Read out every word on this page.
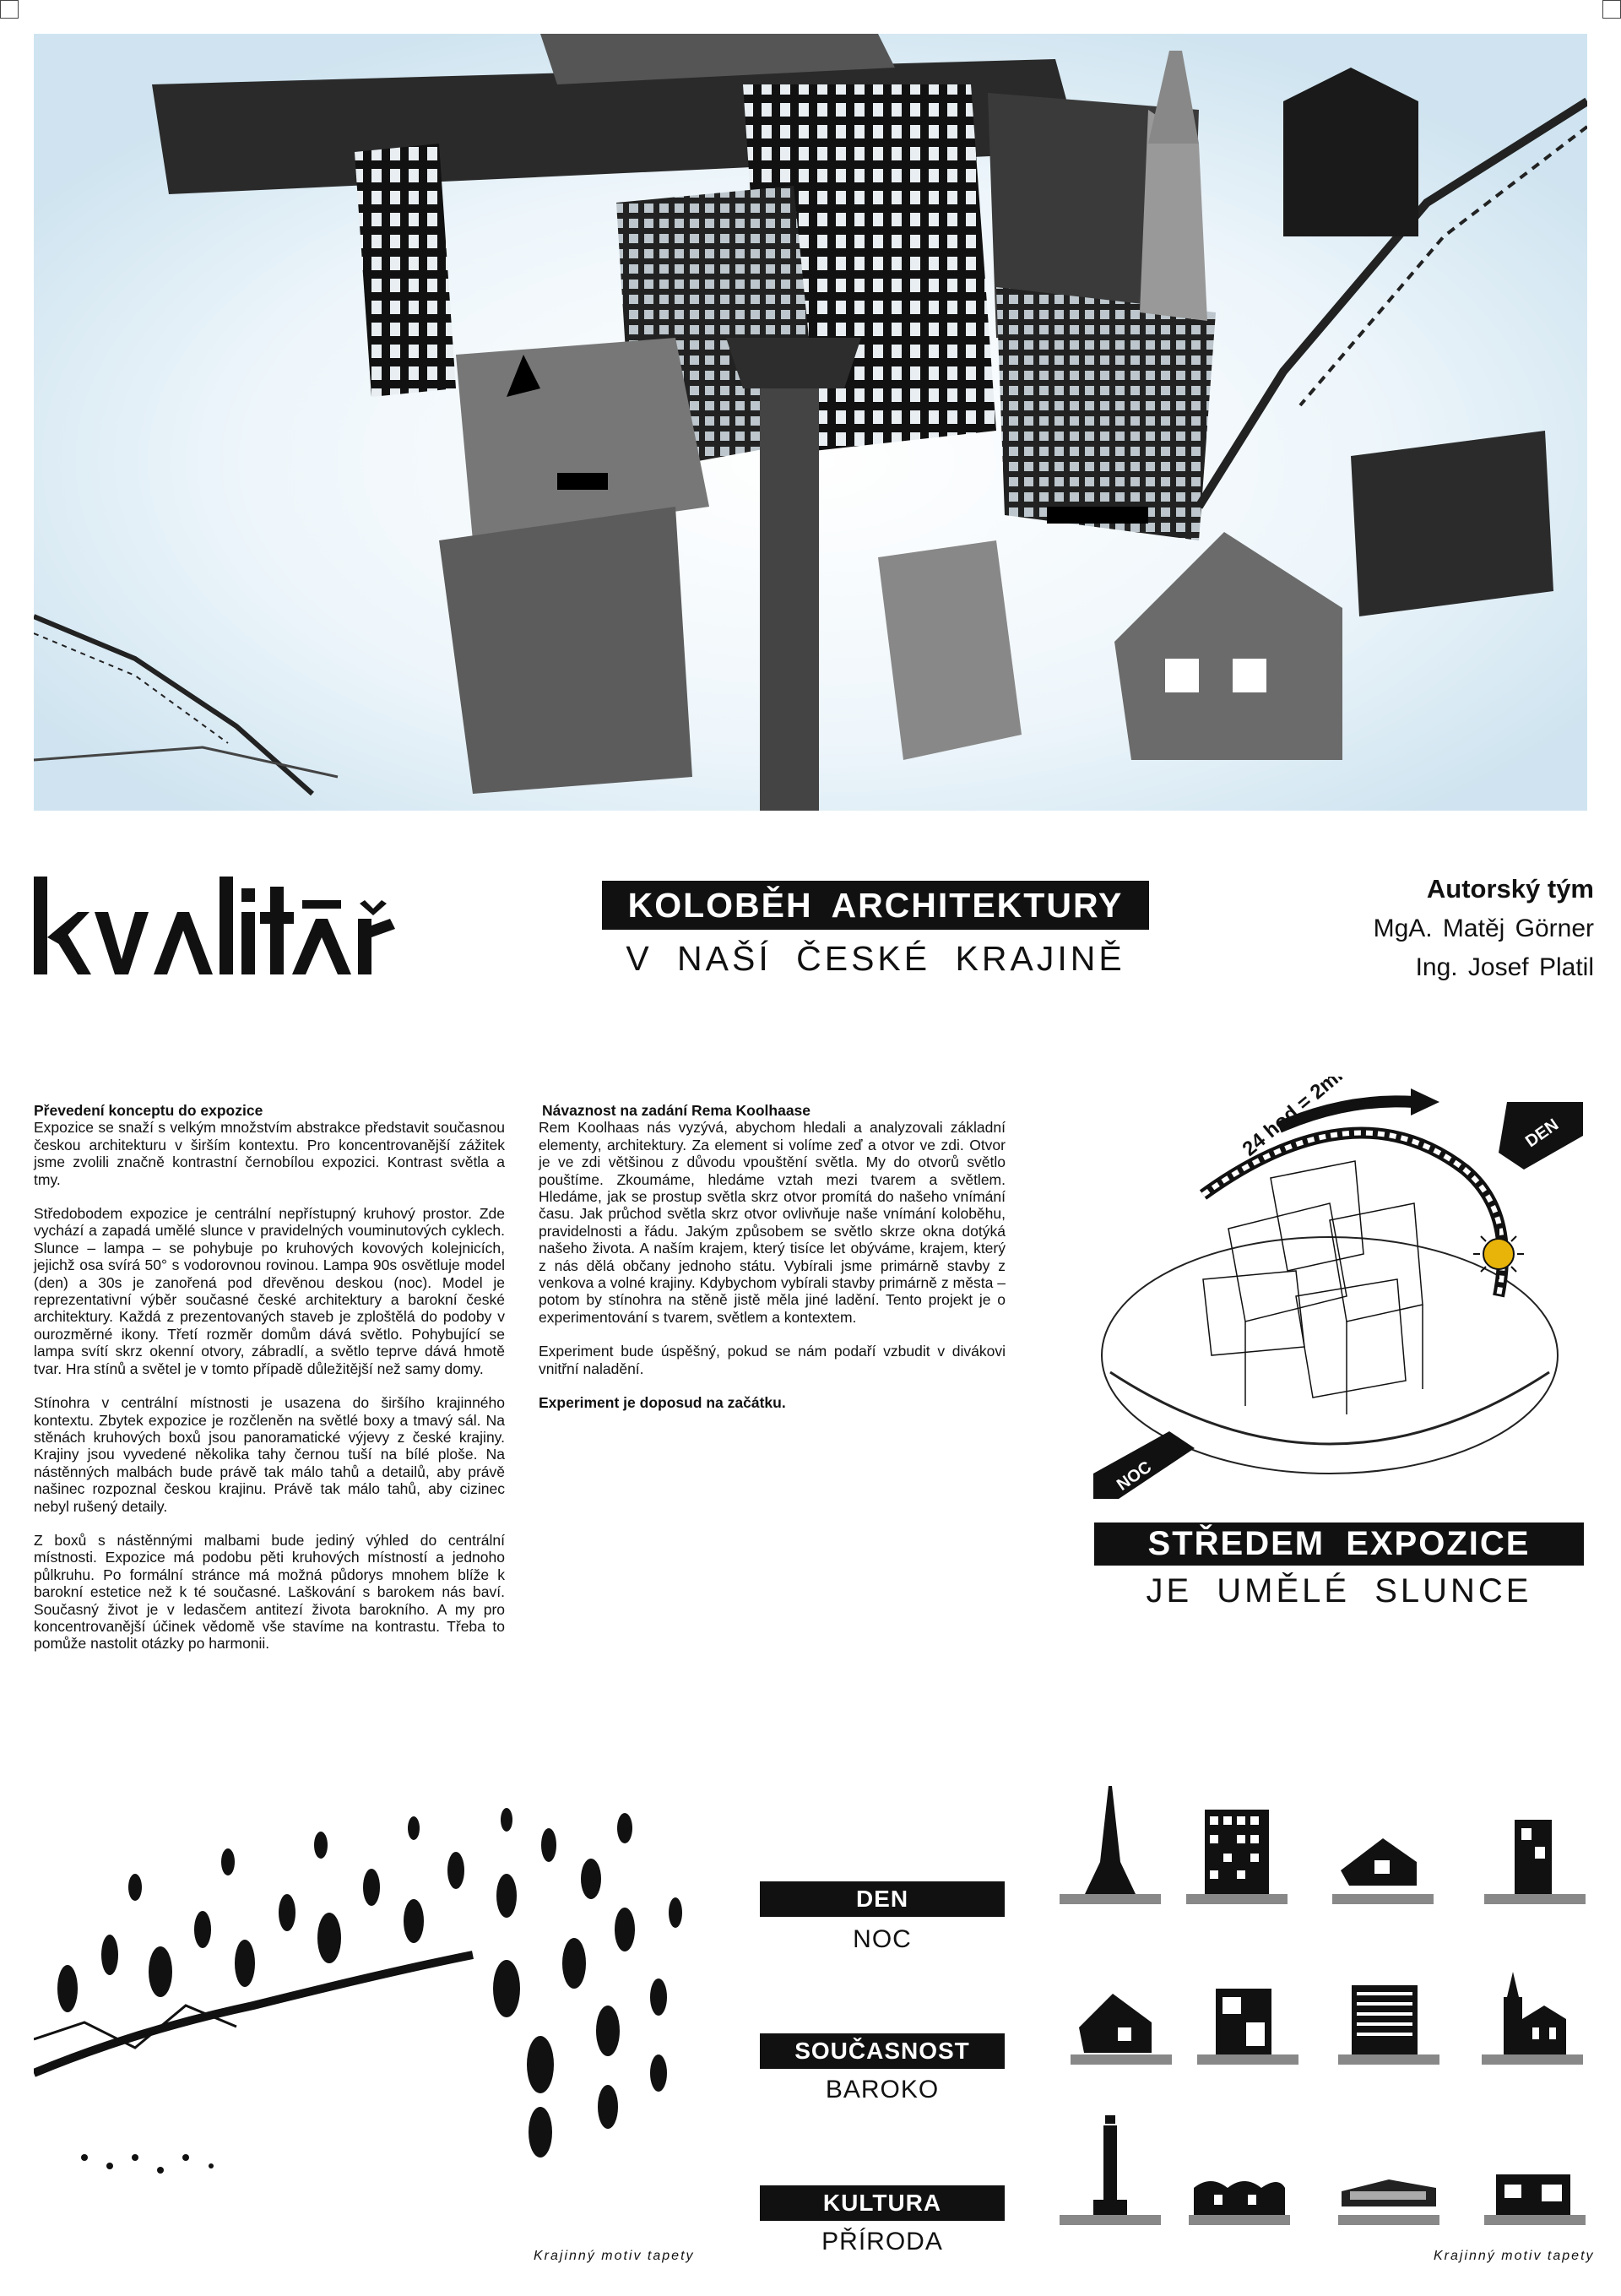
KOLOBĚH ARCHITEKTURY
V NAŠÍ ČESKÉ KRAJINĚ
Autorský tým
MgA. Matěj Görner
Ing. Josef Platil
Převedení konceptu do expozice

Expozice se snaží s velkým množstvím abstrakce představit současnou českou architekturu v širším kontextu. Pro koncentrovanější zážitek jsme zvolili značně kontrastní černobílou expozici. Kontrast světla a tmy.

Středobodem expozice je centrální nepřístupný kruhový prostor. Zde vychází a zapadá umělé slunce v pravidelných vouminutových cyklech. Slunce – lampa – se pohybuje po kruhových kovových kolejnicích, jejichž osa svírá 50° s vodorovnou rovinou. Lampa 90s osvětluje model (den) a 30s je zanořená pod dřevěnou deskou (noc). Model je reprezentativní výběr současné české architektury a barokní české architektury. Každá z prezentovaných staveb je zploštělá do podoby v ourozměrné ikony. Třetí rozměr domům dává světlo. Pohybující se lampa svítí skrz okenní otvory, zábradlí, a světlo teprve dává hmotě tvar. Hra stínů a světel je v tomto případě důležitější než samy domy.

Stínohra v centrální místnosti je usazena do širšího krajinného kontextu. Zbytek expozice je rozčleněn na světlé boxy a tmavý sál. Na stěnách kruhových boxů jsou panoramatické výjevy z české krajiny. Krajiny jsou vyvedené několika tahy černou tuší na bílé ploše. Na nástěnných malbách bude právě tak málo tahů a detailů, aby právě našinec rozpoznal českou krajinu. Právě tak málo tahů, aby cizinec nebyl rušený detaily.

Z boxů s nástěnnými malbami bude jediný výhled do centrální místnosti. Expozice má podobu pěti kruhových místností a jednoho půlkruhu. Po formální stránce má možná půdorys mnohem blíže k barokní estetice než k té současné. Laškování s barokem nás baví. Současný život je v ledasčem antitezí života barokního. A my pro koncentrovanější účinek vědomě vše stavíme na kontrastu. Třeba to pomůže nastolit otázky po harmonii.

Návaznost na zadání Rema Koolhaase

Rem Koolhaas nás vyzývá, abychom hledali a analyzovali základní elementy, architektury. Za element si volíme zeď a otvor ve zdi. Otvor je ve zdi většinou z důvodu vpouštění světla. My do otvorů světlo pouštíme. Zkoumáme, hledáme vztah mezi tvarem a světlem. Hledáme, jak se prostup světla skrz otvor promítá do našeho vnímání času. Jak průchod světla skrz otvor ovlivňuje naše vnímání koloběhu, pravidelnosti a řádu. Jakým způsobem se světlo skrze okna dotýká našeho života. A naším krajem, který tisíce let obýváme, krajem, který z nás dělá občany jednoho státu. Vybírali jsme primárně stavby z venkova a volné krajiny. Kdybychom vybírali stavby primárně z města – potom by stínohra na stěně jistě měla jiné ladění. Tento projekt je o experimentování s tvarem, světlem a kontextem.

Experiment bude úspěšný, pokud se nám podaří vzbudit v divákovi vnitřní naladění.

Experiment je doposud na začátku.

24 hod = 2min	DEN
NOC
STŘEDEM EXPOZICE
JE UMĚLÉ SLUNCE
Krajinný motiv tapety	Krajinný motiv tapety
DEN
NOC
SOUČASNOST
BAROKO
KULTURA
PŘÍRODA
